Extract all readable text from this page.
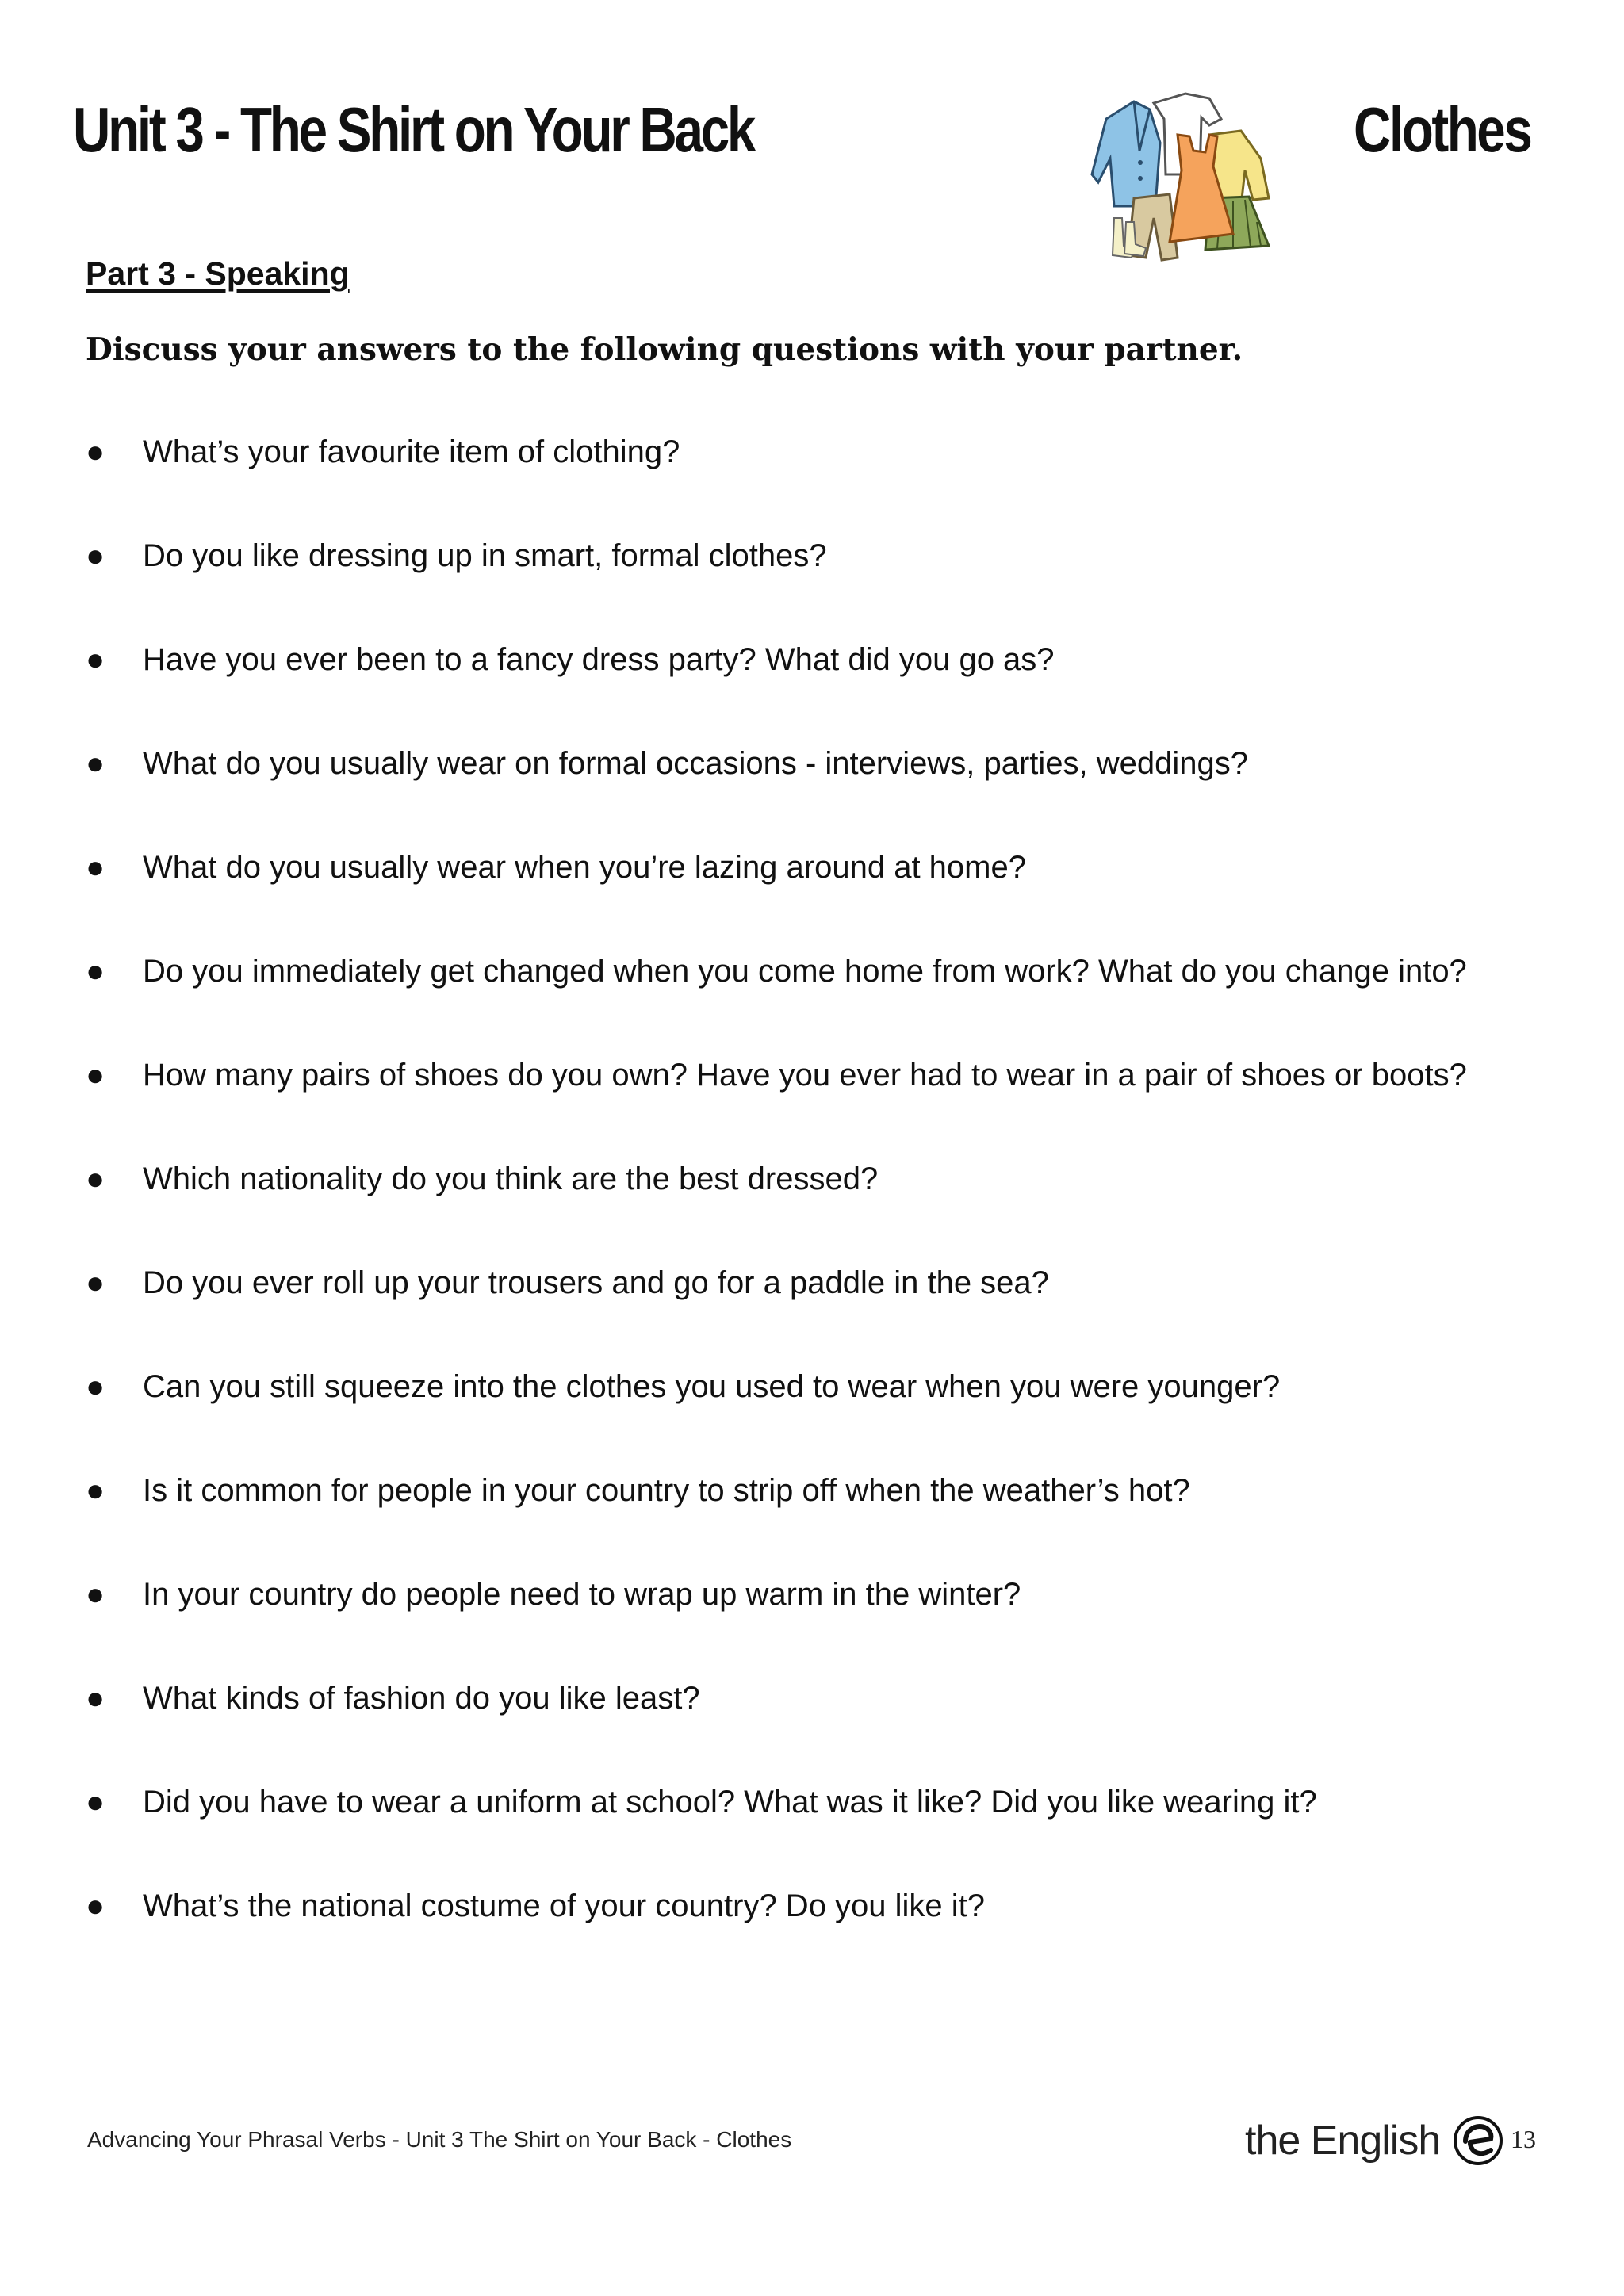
Unit 3 - The Shirt on Your Back	Clothes
Part 3 - Speaking
Discuss your answers to the following questions with your partner.
●	What’s your favourite item of clothing?
●	Do you like dressing up in smart, formal clothes?
●	Have you ever been to a fancy dress party? What did you go as?
●	What do you usually wear on formal occasions - interviews, parties, weddings?
●	What do you usually wear when you’re lazing around at home?
●	Do you immediately get changed when you come home from work? What do you change into?
●	How many pairs of shoes do you own? Have you ever had to wear in a pair of shoes or boots?
●	Which nationality do you think are the best dressed?
●	Do you ever roll up your trousers and go for a paddle in the sea?
●	Can you still squeeze into the clothes you used to wear when you were younger?
●	Is it common for people in your country to strip off when the weather’s hot?
●	In your country do people need to wrap up warm in the winter?
●	What kinds of fashion do you like least?
●	Did you have to wear a uniform at school? What was it like? Did you like wearing it?
●	What’s the national costume of your country? Do you like it?
Advancing Your Phrasal Verbs - Unit 3 The Shirt on Your Back - Clothes	the English	13
